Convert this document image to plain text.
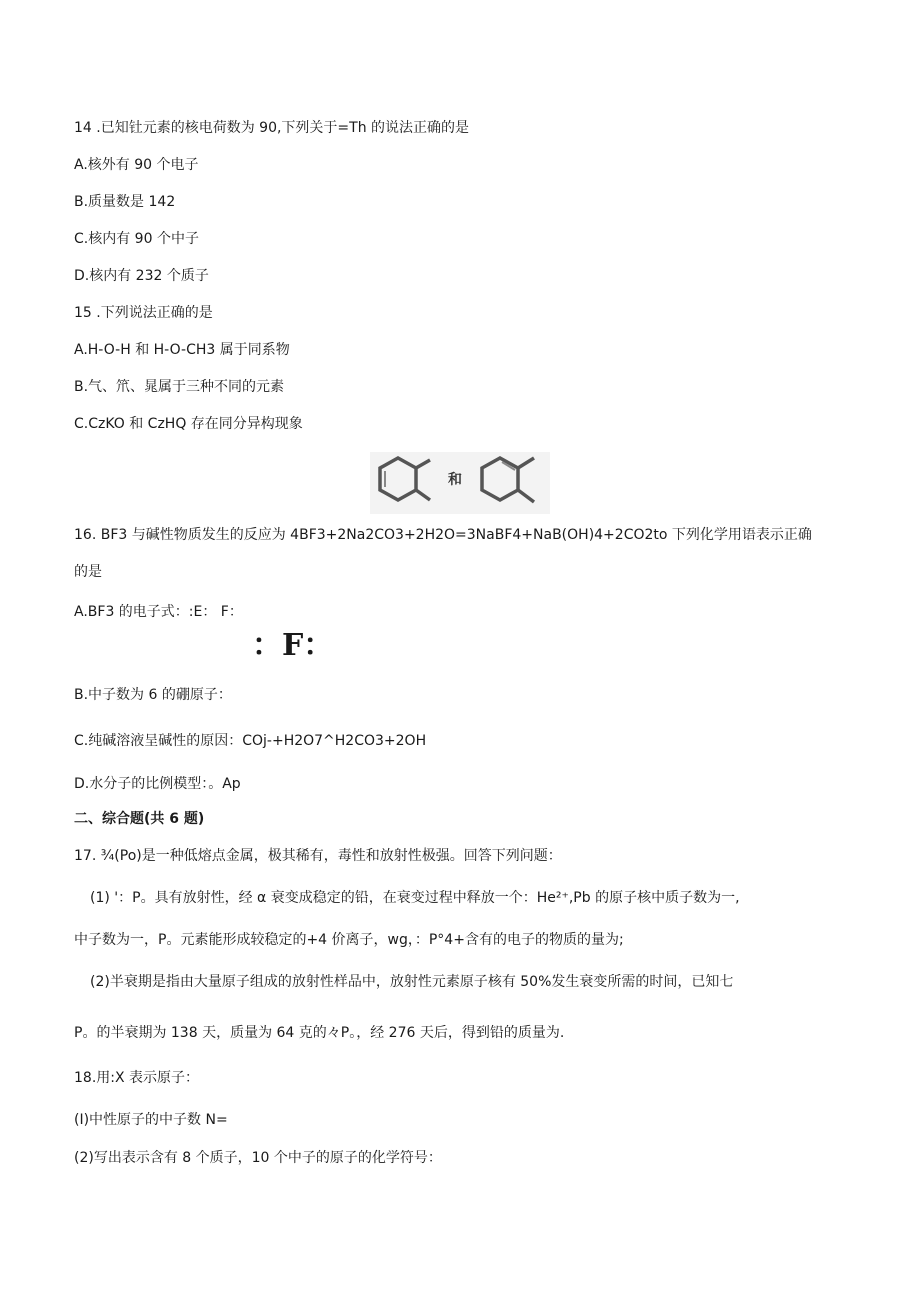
14 .已知钍元素的核电荷数为 90,下列关于=Th 的说法正确的是
A.核外有 90 个电子
B.质量数是 142
C.核内有 90 个中子
D.核内有 232 个质子
15 .下列说法正确的是
A.H-O-H 和 H-O-CH3 属于同系物
B.气、笊、晁属于三种不同的元素
C.CzKO 和 CzHQ 存在同分异构现象
和
16. BF3 与碱性物质发生的反应为 4BF3+2Na2CO3+2H2O=3NaBF4+NaB(OH)4+2CO2to 下列化学用语表示正确
的是
A.BF3 的电子式：:E： F：
：F：
B.中子数为 6 的硼原子：
C.纯碱溶液呈碱性的原因：COj-+H2O7^H2CO3+2OH
D.水分子的比例模型：。Ap
二、综合题(共 6 题)
17. ¾(Po)是一种低熔点金属，极其稀有，毒性和放射性极强。回答下列问题：
(1) '：P。具有放射性，经 α 衰变成稳定的铅，在衰变过程中释放一个：He²⁺,Pb 的原子核中质子数为一,
中子数为一，P。元素能形成较稳定的+4 价离子，wg，：P°4+含有的电子的物质的量为;
(2)半衰期是指由大量原子组成的放射性样品中，放射性元素原子核有 50%发生衰变所需的时间，已知七
P。的半衰期为 138 天，质量为 64 克的々P。，经 276 天后，得到铅的质量为.
18.用:X 表示原子：
(I)中性原子的中子数 N=
(2)写出表示含有 8 个质子，10 个中子的原子的化学符号：
